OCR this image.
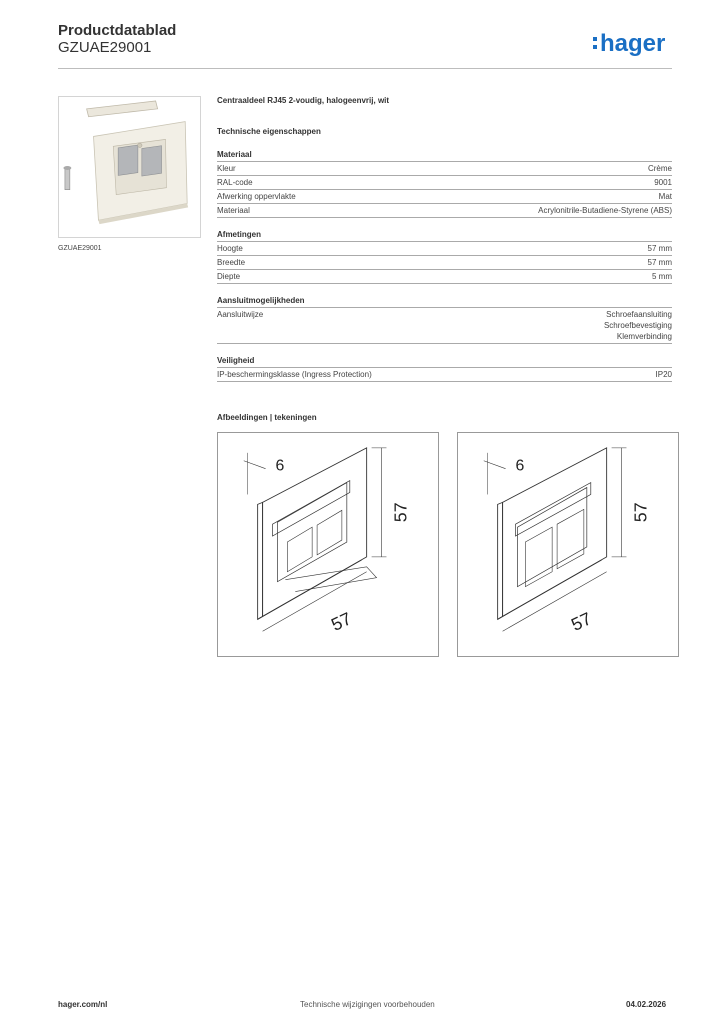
Productdatablad
GZUAE29001	hager
GZUAE29001
Centraaldeel RJ45 2-voudig, halogeenvrij, wit
Technische eigenschappen
Materiaal
Kleur	Crème
RAL-code	9001
Afwerking oppervlakte	Mat
Materiaal	Acrylonitrile-Butadiene-Styrene (ABS)
Afmetingen
Hoogte	57 mm
Breedte	57 mm
Diepte	5 mm
Aansluitmogelijkheden
Aansluitwijze	Schroefaansluiting
Schroefbevestiging
Klemverbinding
Veiligheid
IP-beschermingsklasse (Ingress Protection)	IP20
Afbeeldingen | tekeningen
6
57
57
6
57
57
hager.com/nl	Technische wijzigingen voorbehouden	04.02.2026
